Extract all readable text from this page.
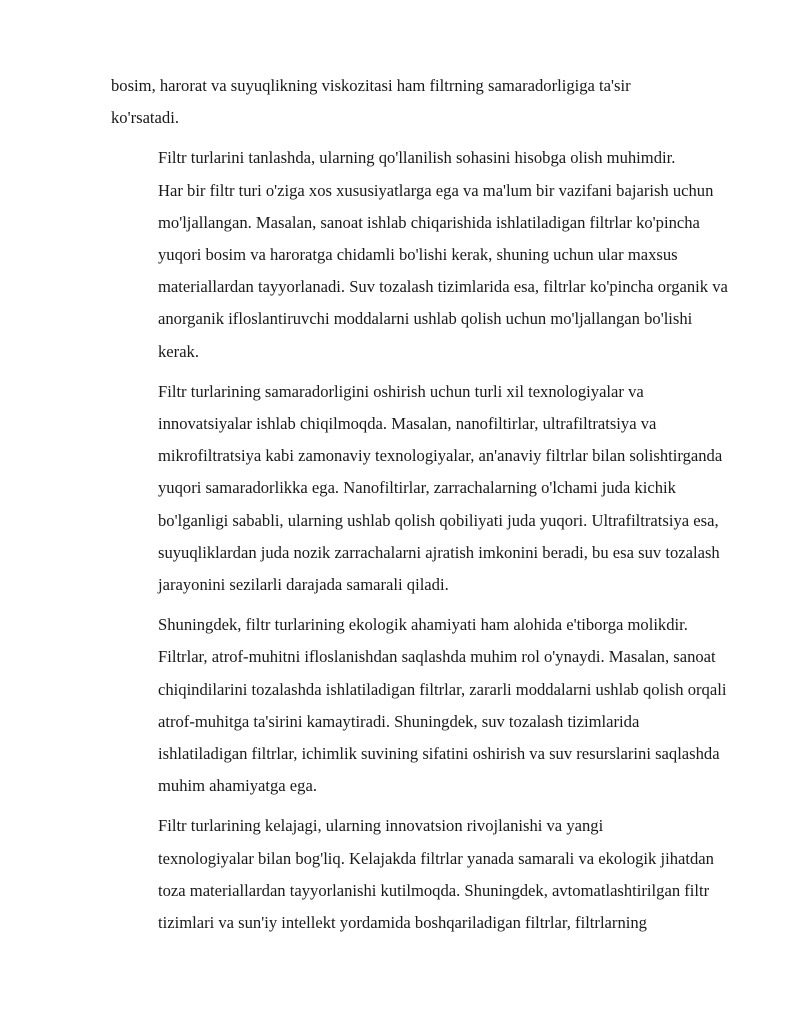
bosim, harorat va suyuqlikning viskozitasi ham filtrning samaradorligiga ta'sir
ko'rsatadi.

Filtr turlarini tanlashda, ularning qo'llanilish sohasini hisobga olish muhimdir.
Har bir filtr turi o'ziga xos xususiyatlarga ega va ma'lum bir vazifani bajarish uchun
mo'ljallangan. Masalan, sanoat ishlab chiqarishida ishlatiladigan filtrlar ko'pincha
yuqori bosim va haroratga chidamli bo'lishi kerak, shuning uchun ular maxsus
materiallardan tayyorlanadi. Suv tozalash tizimlarida esa, filtrlar ko'pincha organik va
anorganik ifloslantiruvchi moddalarni ushlab qolish uchun mo'ljallangan bo'lishi
kerak.

Filtr turlarining samaradorligini oshirish uchun turli xil texnologiyalar va
innovatsiyalar ishlab chiqilmoqda. Masalan, nanofiltirlar, ultrafiltratsiya va
mikrofiltratsiya kabi zamonaviy texnologiyalar, an'anaviy filtrlar bilan solishtirganda
yuqori samaradorlikka ega. Nanofiltirlar, zarrachalarning o'lchami juda kichik
bo'lganligi sababli, ularning ushlab qolish qobiliyati juda yuqori. Ultrafiltratsiya esa,
suyuqliklardan juda nozik zarrachalarni ajratish imkonini beradi, bu esa suv tozalash
jarayonini sezilarli darajada samarali qiladi.

Shuningdek, filtr turlarining ekologik ahamiyati ham alohida e'tiborga molikdir.
Filtrlar, atrof-muhitni ifloslanishdan saqlashda muhim rol o'ynaydi. Masalan, sanoat
chiqindilarini tozalashda ishlatiladigan filtrlar, zararli moddalarni ushlab qolish orqali
atrof-muhitga ta'sirini kamaytiradi. Shuningdek, suv tozalash tizimlarida
ishlatiladigan filtrlar, ichimlik suvining sifatini oshirish va suv resurslarini saqlashda
muhim ahamiyatga ega.

Filtr turlarining kelajagi, ularning innovatsion rivojlanishi va yangi
texnologiyalar bilan bog'liq. Kelajakda filtrlar yanada samarali va ekologik jihatdan
toza materiallardan tayyorlanishi kutilmoqda. Shuningdek, avtomatlashtirilgan filtr
tizimlari va sun'iy intellekt yordamida boshqariladigan filtrlar, filtrlarning
